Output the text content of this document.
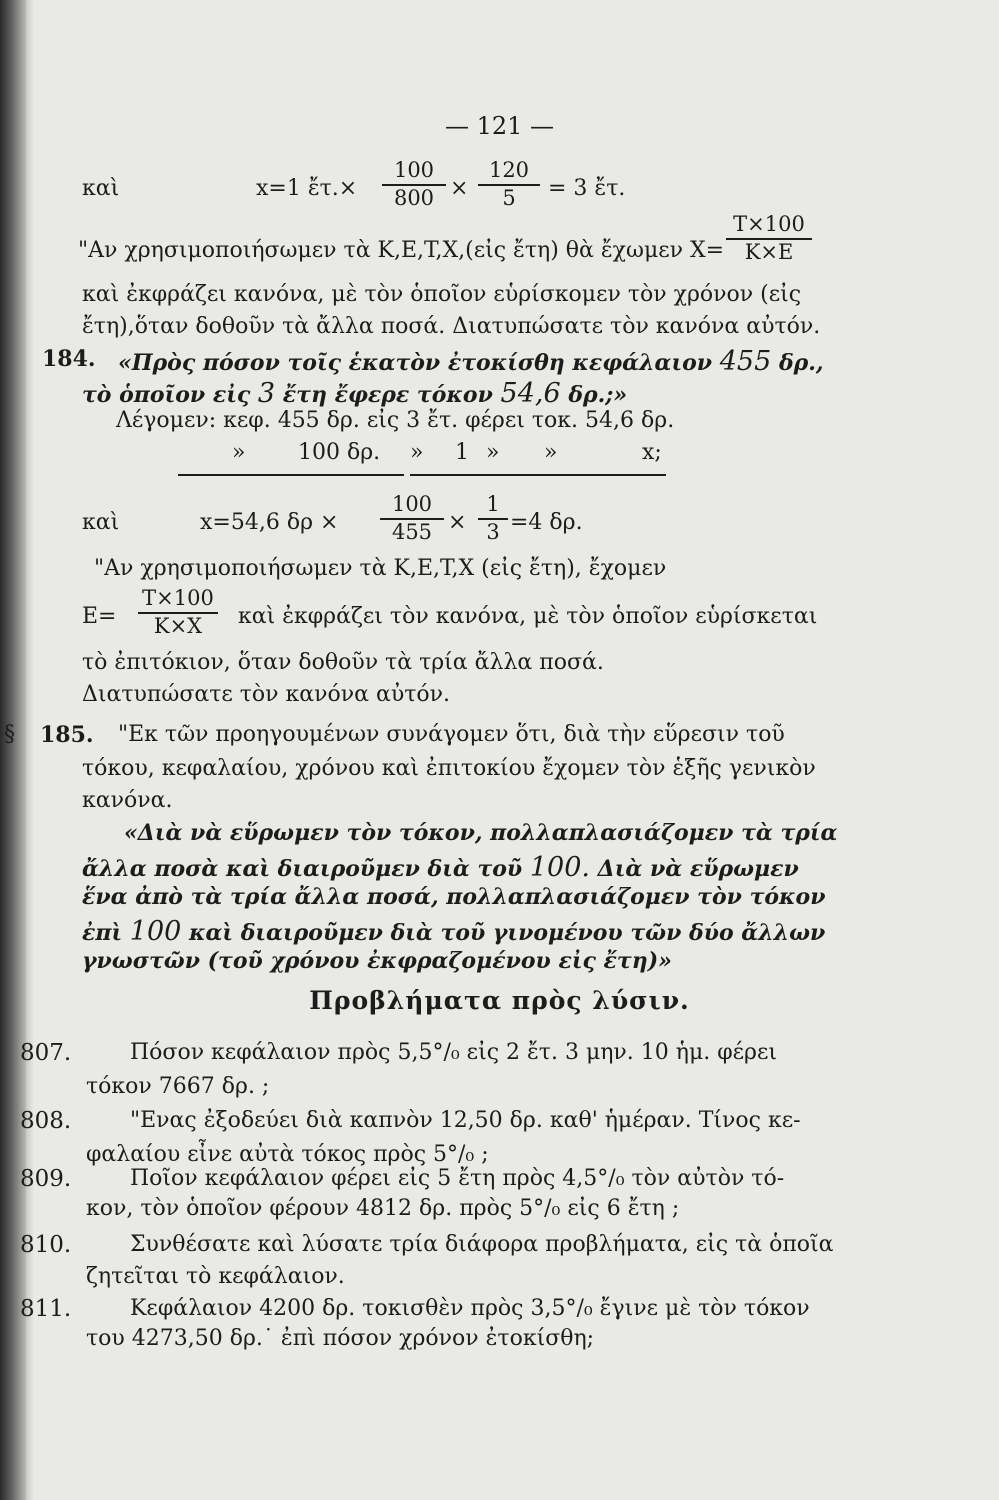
— 121 —
καὶ	x=1 ἔτ.×
100
800 ×
120
5	= 3 ἔτ.
"Αν χρησιμοποιήσωμεν τὰ K,E,T,X,(εἰς ἔτη) θὰ ἔχωμεν X=
T×100
K×E
καὶ ἐκφράζει κανόνα, μὲ τὸν ὁποῖον εὑρίσκομεν τὸν χρόνον (εἰς
ἔτη),ὅταν δοθοῦν τὰ ἄλλα ποσά. Διατυπώσατε τὸν κανόνα αὐτόν.
184. «Πρὸς πόσον τοῖς ἑκατὸν ἐτοκίσθη κεφάλαιον 455 δρ.,
τὸ ὁποῖον εἰς 3 ἔτη ἔφερε τόκον 54,6 δρ.;»
Λέγομεν: κεφ. 455 δρ. εἰς 3 ἔτ. φέρει τοκ. 54,6 δρ.
» 100 δρ. » 1 » »	x;
καὶ	x=54,6 δρ ×
100
455 ×
1
3 =4 δρ.
"Αν χρησιμοποιήσωμεν τὰ K,E,T,X (εἰς ἔτη), ἔχομεν
E=
T×100
K×X	καὶ ἐκφράζει τὸν κανόνα, μὲ τὸν ὁποῖον εὑρίσκεται
τὸ ἐπιτόκιον, ὅταν δοθοῦν τὰ τρία ἄλλα ποσά.
Διατυπώσατε τὸν κανόνα αὐτόν.
§ 185. "Εκ τῶν προηγουμένων συνάγομεν ὅτι, διὰ τὴν εὕρεσιν τοῦ
τόκου, κεφαλαίου, χρόνου καὶ ἐπιτοκίου ἔχομεν τὸν ἑξῆς γενικὸν
κανόνα.
«Διὰ νὰ εὕρωμεν τὸν τόκον, πολλαπλασιάζομεν τὰ τρία
ἄλλα ποσὰ καὶ διαιροῦμεν διὰ τοῦ 100. Διὰ νὰ εὕρωμεν
ἕνα ἀπὸ τὰ τρία ἄλλα ποσά, πολλαπλασιάζομεν τὸν τόκον
ἐπὶ 100 καὶ διαιροῦμεν διὰ τοῦ γινομένου τῶν δύο ἄλλων
γνωστῶν (τοῦ χρόνου ἐκφραζομένου εἰς ἔτη)»
Προβλήματα πρὸς λύσιν.
807.	Πόσον κεφάλαιον πρὸς 5,5°/₀ εἰς 2 ἔτ. 3 μην. 10 ἡμ. φέρει
τόκον 7667 δρ. ;
808.	"Ενας ἐξοδεύει διὰ καπνὸν 12,50 δρ. καθ' ἡμέραν. Τίνος κε-
φαλαίου εἶνε αὐτὰ τόκος πρὸς 5°/₀ ;
809.	Ποῖον κεφάλαιον φέρει εἰς 5 ἔτη πρὸς 4,5°/₀ τὸν αὐτὸν τό-
κον, τὸν ὁποῖον φέρουν 4812 δρ. πρὸς 5°/₀ εἰς 6 ἔτη ;
810.	Συνθέσατε καὶ λύσατε τρία διάφορα προβλήματα, εἰς τὰ ὁποῖα
ζητεῖται τὸ κεφάλαιον.
811.	Κεφάλαιον 4200 δρ. τοκισθὲν πρὸς 3,5°/₀ ἔγινε μὲ τὸν τόκον
του 4273,50 δρ.˙ ἐπὶ πόσον χρόνον ἐτοκίσθη;
